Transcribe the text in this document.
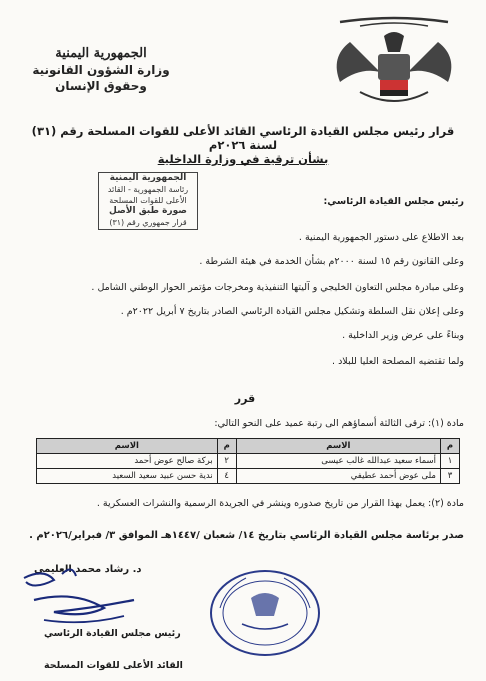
الجمهورية اليمنية
وزارة الشؤون القانونية
وحقوق الإنسان
قرار رئيس مجلس القيادة الرئاسي القائد الأعلى للقوات المسلحة رقم (٣١) لسنة ٢٠٢٦م
بشأن ترقية في وزارة الداخلية
الجمهورية اليمنية
رئاسة الجمهورية - القائد الأعلى للقوات المسلحة
صورة طبق الأصل
قرار جمهوري رقم (٣١)
رئيس مجلس القيادة الرئاسي:
بعد الاطلاع على دستور الجمهورية اليمنية .
وعلى القانون رقم ١٥ لسنة ٢٠٠٠م بشأن الخدمة في هيئة الشرطة .
وعلى مبادرة مجلس التعاون الخليجي و آليتها التنفيذية ومخرجات مؤتمر الحوار الوطني الشامل .
وعلى إعلان نقل السلطة وتشكيل مجلس القيادة الرئاسي الصادر بتاريخ ٧ أبريل ٢٠٢٢م .
وبناءً على عرض وزير الداخلية .
ولما تقتضيه المصلحة العليا للبلاد .
قرر
مادة (١): ترقى الثالثة أسماؤهم الى رتبة عميد على النحو التالي:
م	الاسم	م	الاسم
١	أسماء سعيد عبدالله غالب عيسى	٢	بركة صالح عوض أحمد
٣	ملى عوض أحمد عطيفي	٤	ندية حسن عبيد سعيد السعيد
مادة (٢): يعمل بهذا القرار من تاريخ صدوره وينشر في الجريدة الرسمية والنشرات العسكرية .
صدر برئاسة مجلس القيادة الرئاسي بتاريخ ١٤/ شعبان /١٤٤٧هـ الموافق ٣/ فبراير/٢٠٢٦م .
د. رشاد محمد العليمي
رئيس مجلس القيادة الرئاسي
القائد الأعلى للقوات المسلحة
